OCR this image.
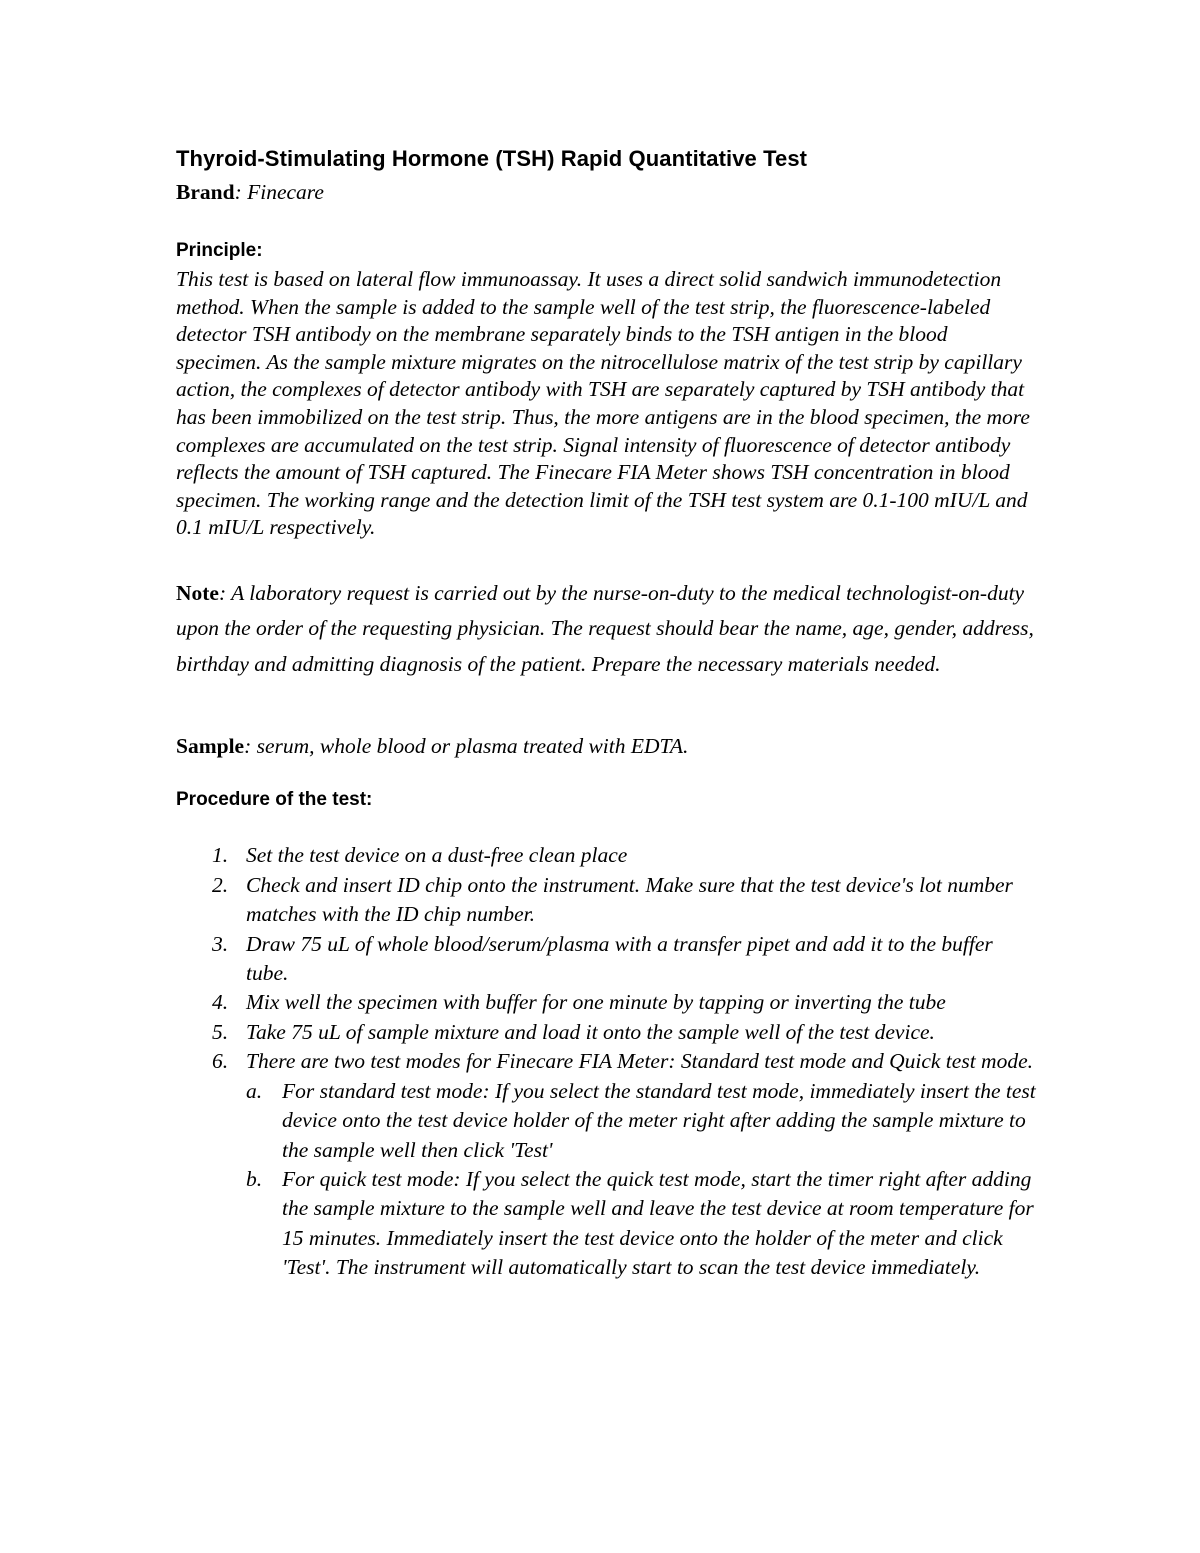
Thyroid-Stimulating Hormone (TSH) Rapid Quantitative Test

Brand: Finecare

Principle:

This test is based on lateral flow immunoassay. It uses a direct solid sandwich immunodetection method. When the sample is added to the sample well of the test strip, the fluorescence-labeled detector TSH antibody on the membrane separately binds to the TSH antigen in the blood specimen. As the sample mixture migrates on the nitrocellulose matrix of the test strip by capillary action, the complexes of detector antibody with TSH are separately captured by TSH antibody that has been immobilized on the test strip. Thus, the more antigens are in the blood specimen, the more complexes are accumulated on the test strip. Signal intensity of fluorescence of detector antibody reflects the amount of TSH captured. The Finecare FIA Meter shows TSH concentration in blood specimen. The working range and the detection limit of the TSH test system are 0.1-100 mIU/L and 0.1 mIU/L respectively.

Note: A laboratory request is carried out by the nurse-on-duty to the medical technologist-on-duty upon the order of the requesting physician. The request should bear the name, age, gender, address, birthday and admitting diagnosis of the patient. Prepare the necessary materials needed.

Sample: serum, whole blood or plasma treated with EDTA.

Procedure of the test:
1. Set the test device on a dust-free clean place
2. Check and insert ID chip onto the instrument. Make sure that the test device's lot number matches with the ID chip number.
3. Draw 75 uL of whole blood/serum/plasma with a transfer pipet and add it to the buffer tube.
4. Mix well the specimen with buffer for one minute by tapping or inverting the tube
5. Take 75 uL of sample mixture and load it onto the sample well of the test device.
6. There are two test modes for Finecare FIA Meter: Standard test mode and Quick test mode.
a. For standard test mode: If you select the standard test mode, immediately insert the test device onto the test device holder of the meter right after adding the sample mixture to the sample well then click 'Test'
b. For quick test mode: If you select the quick test mode, start the timer right after adding the sample mixture to the sample well and leave the test device at room temperature for 15 minutes. Immediately insert the test device onto the holder of the meter and click 'Test'. The instrument will automatically start to scan the test device immediately.
